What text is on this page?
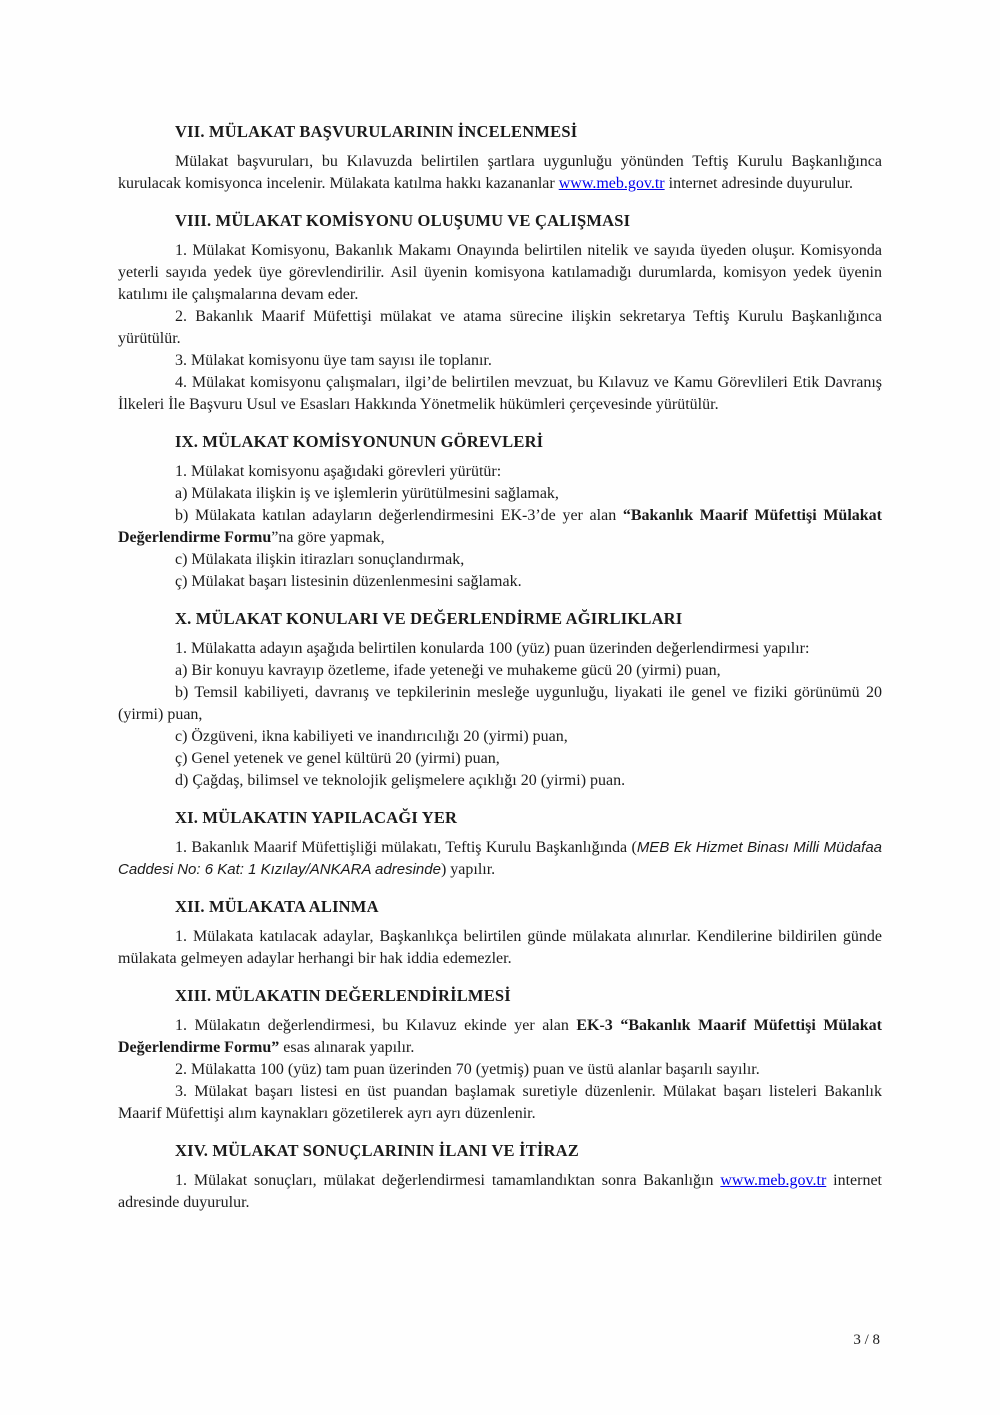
VII. MÜLAKAT BAŞVURULARININ İNCELENMESİ

Mülakat başvuruları, bu Kılavuzda belirtilen şartlara uygunluğu yönünden Teftiş Kurulu Başkanlığınca kurulacak komisyonca incelenir. Mülakata katılma hakkı kazananlar www.meb.gov.tr internet adresinde duyurulur.

VIII. MÜLAKAT KOMİSYONU OLUŞUMU VE ÇALIŞMASI

1. Mülakat Komisyonu, Bakanlık Makamı Onayında belirtilen nitelik ve sayıda üyeden oluşur. Komisyonda yeterli sayıda yedek üye görevlendirilir. Asil üyenin komisyona katılamadığı durumlarda, komisyon yedek üyenin katılımı ile çalışmalarına devam eder.

2. Bakanlık Maarif Müfettişi mülakat ve atama sürecine ilişkin sekretarya Teftiş Kurulu Başkanlığınca yürütülür.

3. Mülakat komisyonu üye tam sayısı ile toplanır.

4. Mülakat komisyonu çalışmaları, ilgi’de belirtilen mevzuat, bu Kılavuz ve Kamu Görevlileri Etik Davranış İlkeleri İle Başvuru Usul ve Esasları Hakkında Yönetmelik hükümleri çerçevesinde yürütülür.

IX. MÜLAKAT KOMİSYONUNUN GÖREVLERİ

1. Mülakat komisyonu aşağıdaki görevleri yürütür:

a) Mülakata ilişkin iş ve işlemlerin yürütülmesini sağlamak,

b) Mülakata katılan adayların değerlendirmesini EK-3’de yer alan “Bakanlık Maarif Müfettişi Mülakat Değerlendirme Formu”na göre yapmak,

c) Mülakata ilişkin itirazları sonuçlandırmak,

ç) Mülakat başarı listesinin düzenlenmesini sağlamak.

X. MÜLAKAT KONULARI VE DEĞERLENDİRME AĞIRLIKLARI

1. Mülakatta adayın aşağıda belirtilen konularda 100 (yüz) puan üzerinden değerlendirmesi yapılır:

a) Bir konuyu kavrayıp özetleme, ifade yeteneği ve muhakeme gücü 20 (yirmi) puan,

b) Temsil kabiliyeti, davranış ve tepkilerinin mesleğe uygunluğu, liyakati ile genel ve fiziki görünümü 20 (yirmi) puan,

c) Özgüveni, ikna kabiliyeti ve inandırıcılığı 20 (yirmi) puan,

ç) Genel yetenek ve genel kültürü 20 (yirmi) puan,

d) Çağdaş, bilimsel ve teknolojik gelişmelere açıklığı 20 (yirmi) puan.

XI. MÜLAKATIN YAPILACAĞI YER

1. Bakanlık Maarif Müfettişliği mülakatı, Teftiş Kurulu Başkanlığında (MEB Ek Hizmet Binası Milli Müdafaa Caddesi No: 6 Kat: 1 Kızılay/ANKARA adresinde) yapılır.

XII. MÜLAKATA ALINMA

1. Mülakata katılacak adaylar, Başkanlıkça belirtilen günde mülakata alınırlar. Kendilerine bildirilen günde mülakata gelmeyen adaylar herhangi bir hak iddia edemezler.

XIII. MÜLAKATIN DEĞERLENDİRİLMESİ

1. Mülakatın değerlendirmesi, bu Kılavuz ekinde yer alan EK-3 “Bakanlık Maarif Müfettişi Mülakat Değerlendirme Formu” esas alınarak yapılır.

2. Mülakatta 100 (yüz) tam puan üzerinden 70 (yetmiş) puan ve üstü alanlar başarılı sayılır.

3. Mülakat başarı listesi en üst puandan başlamak suretiyle düzenlenir. Mülakat başarı listeleri Bakanlık Maarif Müfettişi alım kaynakları gözetilerek ayrı ayrı düzenlenir.

XIV. MÜLAKAT SONUÇLARININ İLANI VE İTİRAZ

1. Mülakat sonuçları, mülakat değerlendirmesi tamamlandıktan sonra Bakanlığın www.meb.gov.tr internet adresinde duyurulur.

3 / 8
